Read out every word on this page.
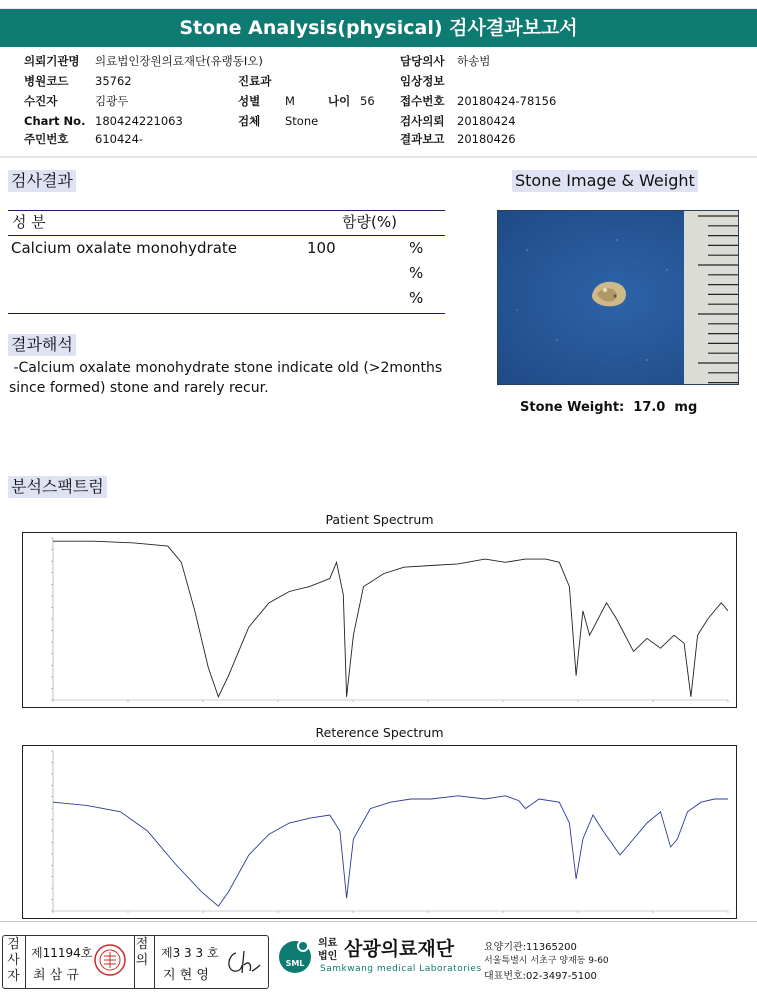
Stone Analysis(physical) 검사결과보고서
의뢰기관명 의료법인장원의료재단(유랭동I오)
병원코드 35762
수진자	김광두
Chart No. 180424221063
주민번호 610424-
진료과
성별 M	나이 56
검체 Stone
담당의사 하송범
임상정보
접수번호 20180424-78156
검사의뢰 20180424
결과보고 20180426
검사결과
성 분	함량(%)
Calcium oxalate monohydrate	100	%
%
%
Stone Image & Weight
Stone Weight:  17.0  mg
결과해석
-Calcium oxalate monohydrate stone indicate old (>2months
since formed) stone and rarely recur.
분석스팩트럼
Patient Spectrum
Reterence Spectrum
검사자
제11194호
최 삼 규
점의 제3 3 3 호
지 현 영
SML
의료법인 삼광의료재단
Samkwang medical Laboratories
요양기관:11365200
서울특별시 서초구 양재동 9-60
대표번호:02-3497-5100
